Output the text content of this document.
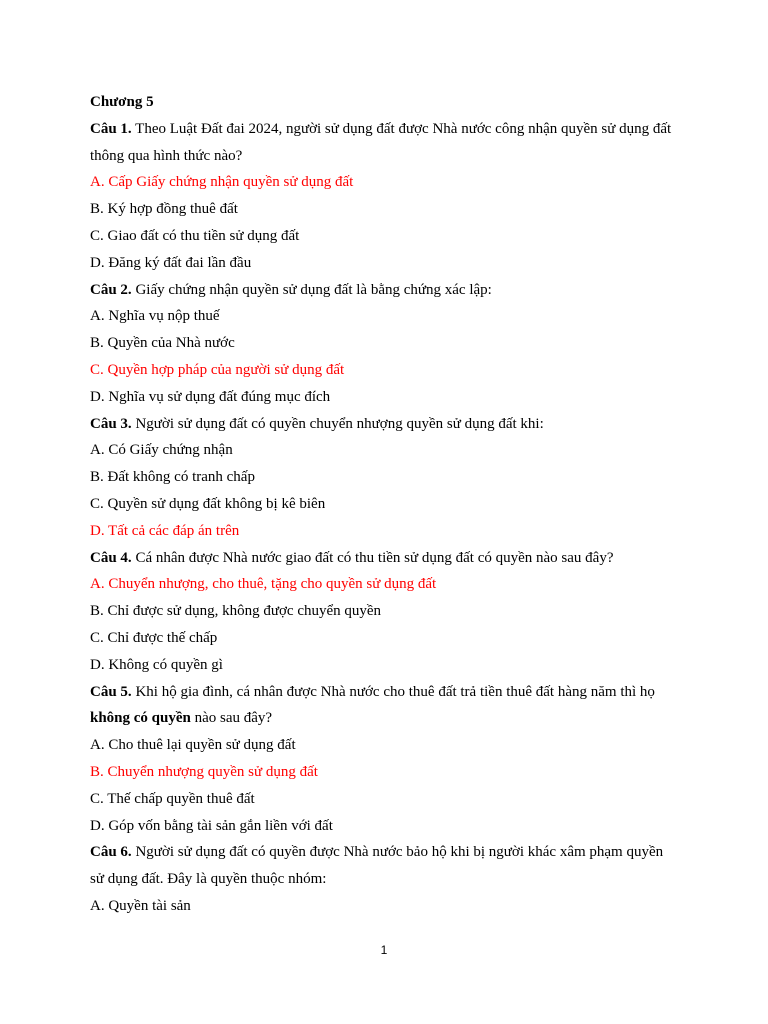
Chương 5

Câu 1. Theo Luật Đất đai 2024, người sử dụng đất được Nhà nước công nhận quyền sử dụng đất

thông qua hình thức nào?

A. Cấp Giấy chứng nhận quyền sử dụng đất

B. Ký hợp đồng thuê đất

C. Giao đất có thu tiền sử dụng đất

D. Đăng ký đất đai lần đầu

Câu 2. Giấy chứng nhận quyền sử dụng đất là bằng chứng xác lập:

A. Nghĩa vụ nộp thuế

B. Quyền của Nhà nước

C. Quyền hợp pháp của người sử dụng đất

D. Nghĩa vụ sử dụng đất đúng mục đích

Câu 3. Người sử dụng đất có quyền chuyển nhượng quyền sử dụng đất khi:

A. Có Giấy chứng nhận

B. Đất không có tranh chấp

C. Quyền sử dụng đất không bị kê biên

D. Tất cả các đáp án trên

Câu 4. Cá nhân được Nhà nước giao đất có thu tiền sử dụng đất có quyền nào sau đây?

A. Chuyển nhượng, cho thuê, tặng cho quyền sử dụng đất

B. Chỉ được sử dụng, không được chuyển quyền

C. Chỉ được thế chấp

D. Không có quyền gì

Câu 5. Khi hộ gia đình, cá nhân được Nhà nước cho thuê đất trả tiền thuê đất hàng năm thì họ

không có quyền nào sau đây?

A. Cho thuê lại quyền sử dụng đất

B. Chuyển nhượng quyền sử dụng đất

C. Thế chấp quyền thuê đất

D. Góp vốn bằng tài sản gắn liền với đất

Câu 6. Người sử dụng đất có quyền được Nhà nước bảo hộ khi bị người khác xâm phạm quyền

sử dụng đất. Đây là quyền thuộc nhóm:

A. Quyền tài sản

1
